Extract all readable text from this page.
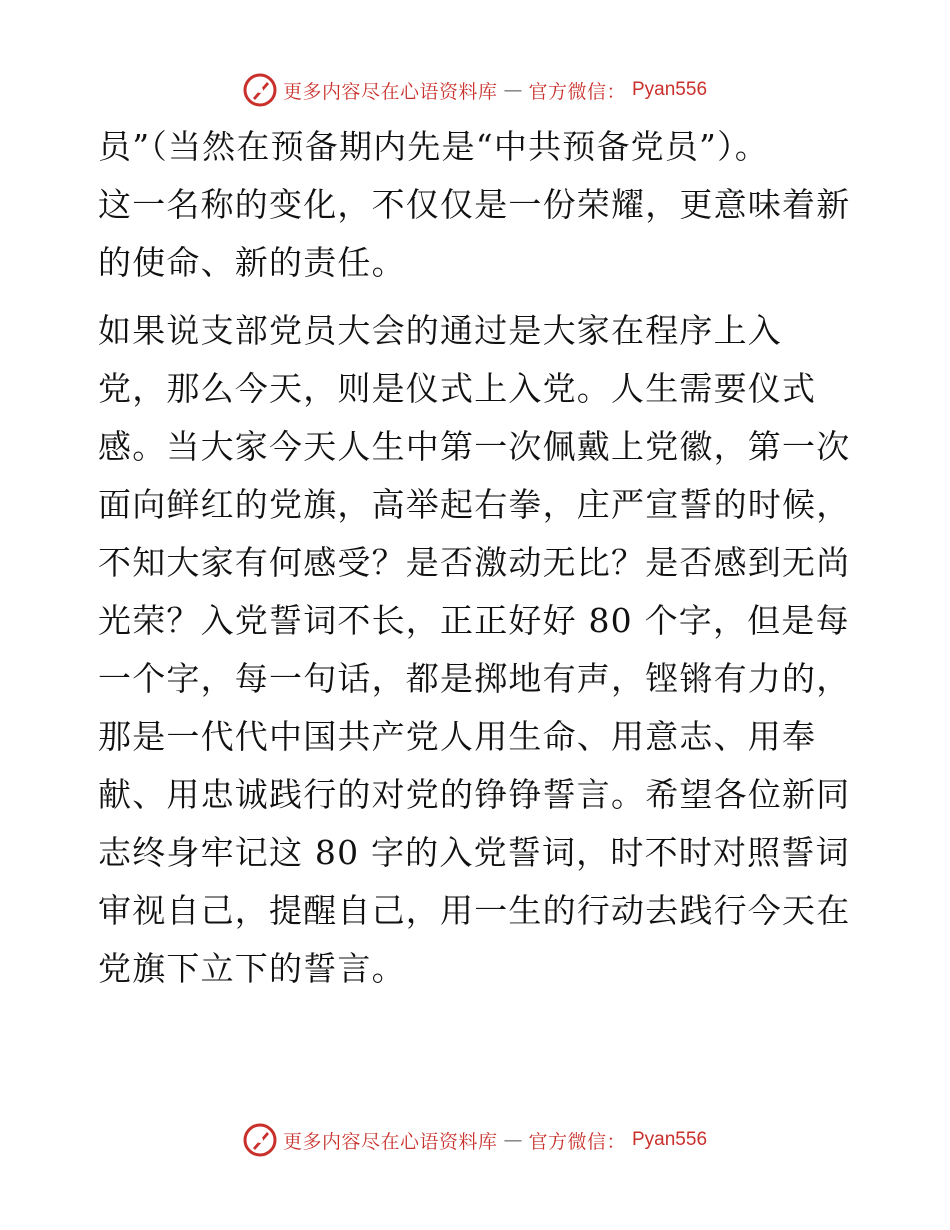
更多内容尽在心语资料库 — 官方微信： Pyan556

员”（当然在预备期内先是“中共预备党员”）。
这一名称的变化，不仅仅是一份荣耀，更意味着新
的使命、新的责任。

如果说支部党员大会的通过是大家在程序上入
党，那么今天，则是仪式上入党。人生需要仪式
感。当大家今天人生中第一次佩戴上党徽，第一次
面向鲜红的党旗，高举起右拳，庄严宣誓的时候，
不知大家有何感受？是否激动无比？是否感到无尚
光荣？入党誓词不长，正正好好 80 个字，但是每
一个字，每一句话，都是掷地有声，铿锵有力的，
那是一代代中国共产党人用生命、用意志、用奉
献、用忠诚践行的对党的铮铮誓言。希望各位新同
志终身牢记这 80 字的入党誓词，时不时对照誓词
审视自己，提醒自己，用一生的行动去践行今天在
党旗下立下的誓言。

更多内容尽在心语资料库 — 官方微信： Pyan556
